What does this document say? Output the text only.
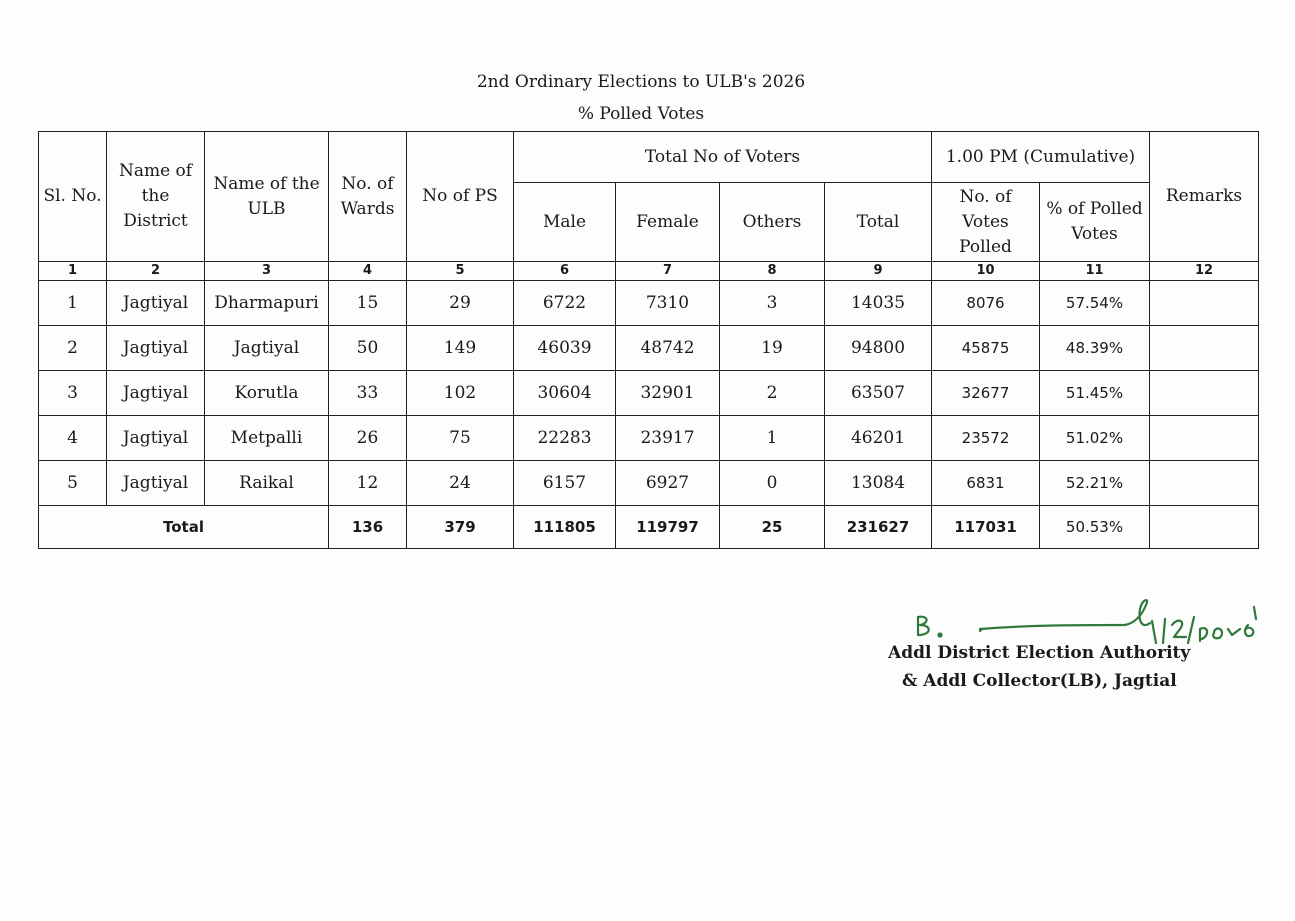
2nd Ordinary Elections to ULB's 2026
% Polled Votes
Sl. No.	Name of the District	Name of the ULB	No. of Wards	No of PS	Total No of Voters				1.00 PM (Cumulative)		Remarks
					Male	Female	Others	Total	No. of Votes Polled	% of Polled Votes	
1	2	3	4	5	6	7	8	9	10	11	12
1	Jagtiyal	Dharmapuri	15	29	6722	7310	3	14035	8076	57.54%	
2	Jagtiyal	Jagtiyal	50	149	46039	48742	19	94800	45875	48.39%	
3	Jagtiyal	Korutla	33	102	30604	32901	2	63507	32677	51.45%	
4	Jagtiyal	Metpalli	26	75	22283	23917	1	46201	23572	51.02%	
5	Jagtiyal	Raikal	12	24	6157	6927	0	13084	6831	52.21%	
Total			136	379	111805	119797	25	231627	117031	50.53%	
Addl District Election Authority
& Addl Collector(LB), Jagtial
